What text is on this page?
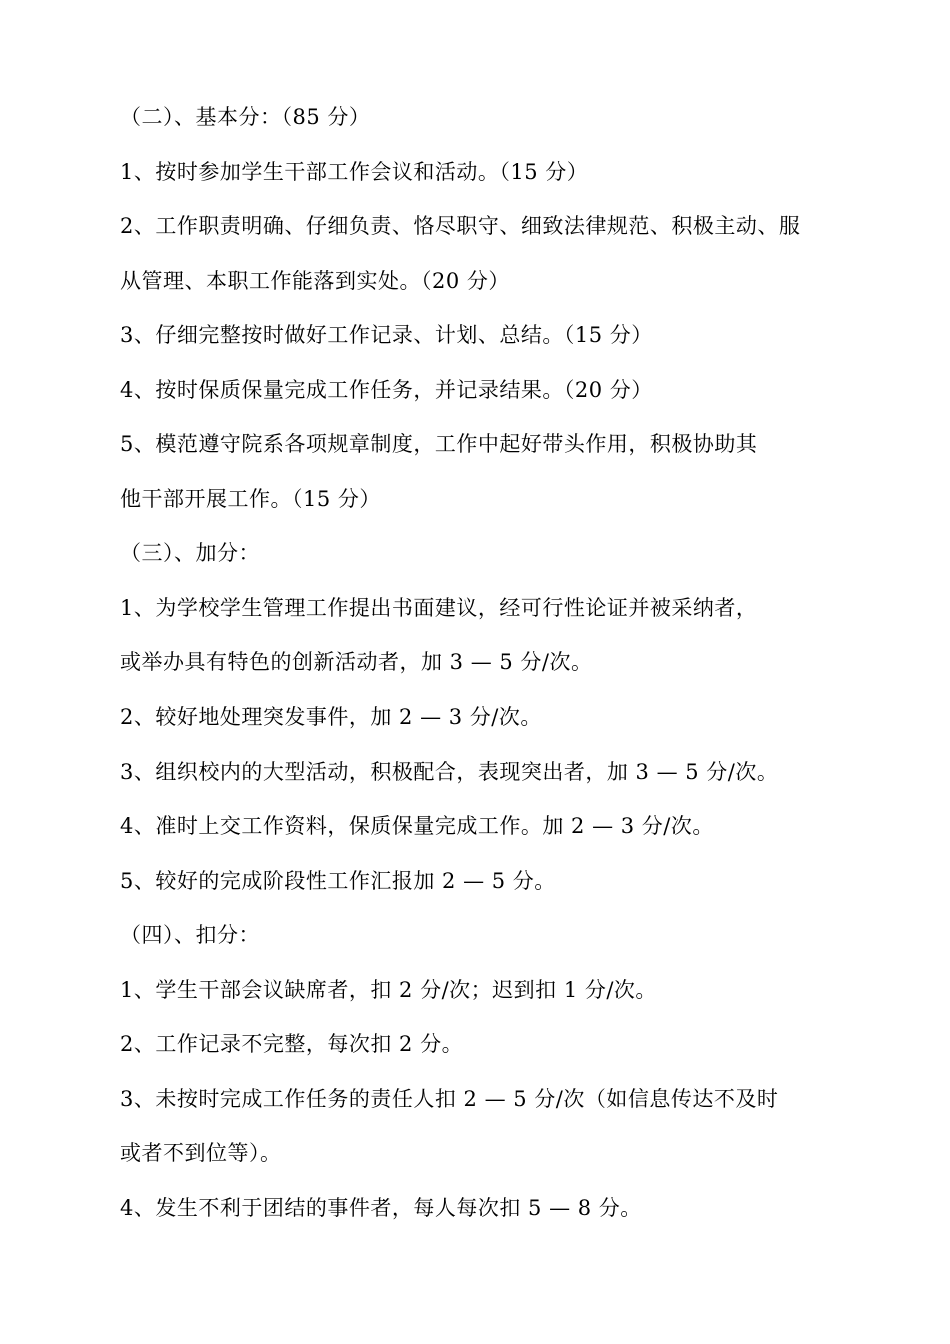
（二）、基本分：（85 分）
1、按时参加学生干部工作会议和活动。（15 分）
2、工作职责明确、仔细负责、恪尽职守、细致法律规范、积极主动、服
从管理、本职工作能落到实处。（20 分）
3、仔细完整按时做好工作记录、计划、总结。（15 分）
4、按时保质保量完成工作任务，并记录结果。（20 分）
5、模范遵守院系各项规章制度，工作中起好带头作用，积极协助其
他干部开展工作。（15 分）
（三）、加分：
1、为学校学生管理工作提出书面建议，经可行性论证并被采纳者，
或举办具有特色的创新活动者，加 3 — 5 分/次。
2、较好地处理突发事件，加 2 — 3 分/次。
3、组织校内的大型活动，积极配合，表现突出者，加 3 — 5 分/次。
4、准时上交工作资料，保质保量完成工作。加 2 — 3 分/次。
5、较好的完成阶段性工作汇报加 2 — 5 分。
（四）、扣分：
1、学生干部会议缺席者，扣 2 分/次；迟到扣 1 分/次。
2、工作记录不完整，每次扣 2 分。
3、未按时完成工作任务的责任人扣 2 — 5 分/次（如信息传达不及时
或者不到位等）。
4、发生不利于团结的事件者，每人每次扣 5 — 8 分。
